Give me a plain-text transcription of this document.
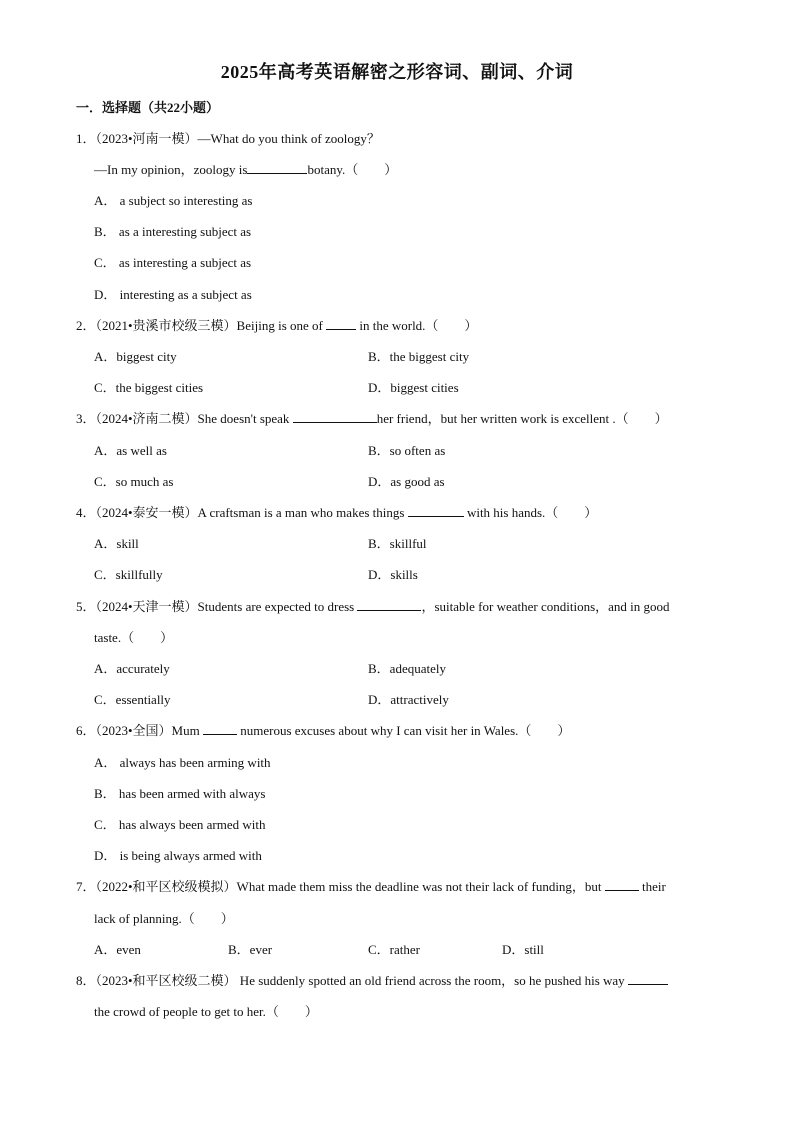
2025年高考英语解密之形容词、副词、介词
一．选择题（共22小题）
1．（2023•河南一模）—What do you think of zoology？
—In my opinion，zoology is	botany.（　　）
A． a subject so interesting as
B． as a interesting subject as
C． as interesting a subject as
D． interesting as a subject as
2．（2021•贵溪市校级三模）Beijing is one of	in the world.（　　）
A．biggest city	B．the biggest city
C．the biggest cities	D．biggest cities
3．（2024•济南二模）She doesn't speak	her friend，but her written work is excellent .（　　）
A．as well as	B．so often as
C．so much as	D．as good as
4．（2024•泰安一模）A craftsman is a man who makes things	with his hands.（　　）
A．skill	B．skillful
C．skillfully	D．skills
5．（2024•天津一模）Students are expected to dress	，suitable for weather conditions，and in good
taste.（　　）
A．accurately	B．adequately
C．essentially	D．attractively
6．（2023•全国）Mum	numerous excuses about why I can visit her in Wales.（　　）
A． always has been arming with
B． has been armed with always
C． has always been armed with
D． is being always armed with
7．（2022•和平区校级模拟）What made them miss the deadline was not their lack of funding，but	their
lack of planning.（　　）
A．even	B．ever	C．rather	D．still
8．（2023•和平区校级二模） He suddenly spotted an old friend across the room，so he pushed his way
the crowd of people to get to her.（　　）
